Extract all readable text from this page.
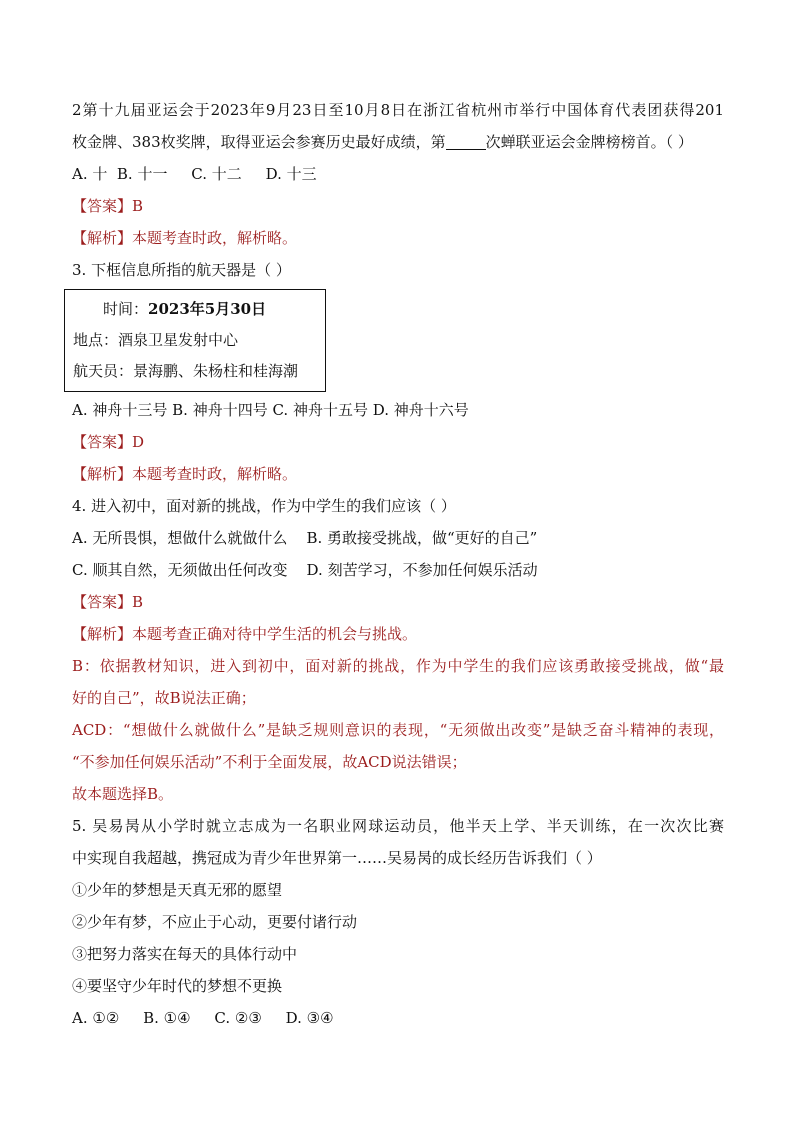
2第十九届亚运会于2023年9月23日至10月8日在浙江省杭州市举行中国体育代表团获得201
枚金牌、383枚奖牌，取得亚运会参赛历史最好成绩，第	次蝉联亚运会金牌榜榜首。（ ）
A. 十  B. 十一     C. 十二     D. 十三
【答案】B
【解析】本题考查时政，解析略。
3. 下框信息所指的航天器是（ ）
时间：2023年5月30日
地点：酒泉卫星发射中心
航天员：景海鹏、朱杨柱和桂海潮
A. 神舟十三号 B. 神舟十四号 C. 神舟十五号 D. 神舟十六号
【答案】D
【解析】本题考查时政，解析略。
4. 进入初中，面对新的挑战，作为中学生的我们应该（ ）
A. 无所畏惧，想做什么就做什么    B. 勇敢接受挑战，做“更好的自己”
C. 顺其自然，无须做出任何改变    D. 刻苦学习，不参加任何娱乐活动
【答案】B
【解析】本题考查正确对待中学生活的机会与挑战。
B：依据教材知识，进入到初中，面对新的挑战，作为中学生的我们应该勇敢接受挑战，做“最
好的自己”，故B说法正确；
ACD：“想做什么就做什么”是缺乏规则意识的表现，“无须做出改变”是缺乏奋斗精神的表现，
“不参加任何娱乐活动”不利于全面发展，故ACD说法错误；
故本题选择B。
5. 吴易昺从小学时就立志成为一名职业网球运动员，他半天上学、半天训练，在一次次比赛
中实现自我超越，携冠成为青少年世界第一……吴易昺的成长经历告诉我们（ ）
①少年的梦想是天真无邪的愿望
②少年有梦，不应止于心动，更要付诸行动
③把努力落实在每天的具体行动中
④要坚守少年时代的梦想不更换
A. ①②     B. ①④     C. ②③     D. ③④
